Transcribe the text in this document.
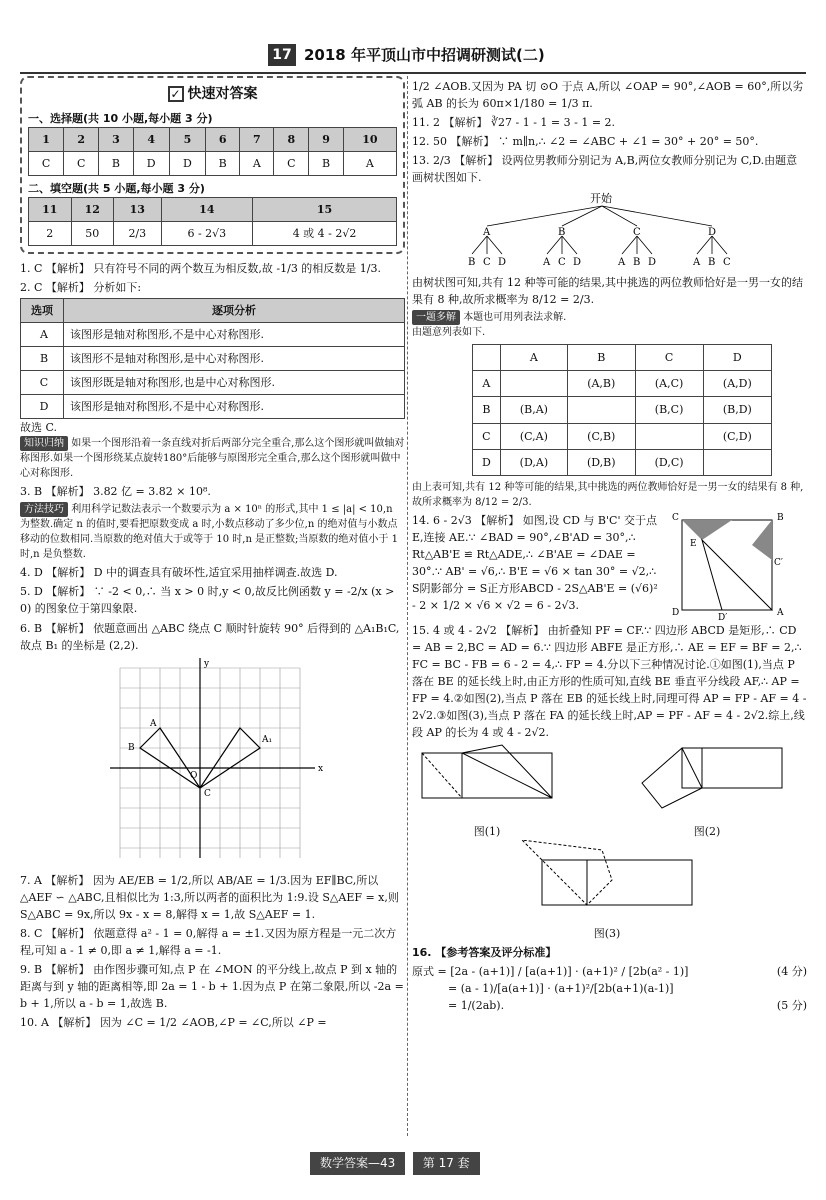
17 2018 年平顶山市中招调研测试(二)
✓ 快速对答案
一、选择题(共 10 小题,每小题 3 分)
1	2	3	4	5	6	7	8	9	10
C	C	B	D	D	B	A	C	B	A
二、填空题(共 5 小题,每小题 3 分)
11	12	13	14	15
2	50	2/3	6 - 2√3	4 或 4 - 2√2
1. C 【解析】 只有符号不同的两个数互为相反数,故 -1/3 的相反数是 1/3.
2. C 【解析】 分析如下:
选项	逐项分析
A	该图形是轴对称图形,不是中心对称图形.
B	该图形不是轴对称图形,是中心对称图形.
C	该图形既是轴对称图形,也是中心对称图形.
D	该图形是轴对称图形,不是中心对称图形.
故选 C.
知识归纳 如果一个图形沿着一条直线对折后两部分完全重合,那么这个图形就叫做轴对称图形.如果一个图形绕某点旋转180°后能够与原图形完全重合,那么这个图形就叫做中心对称图形.
3. B 【解析】 3.82 亿 = 3.82 × 10⁸.
方法技巧 利用科学记数法表示一个数要示为 a × 10ⁿ 的形式,其中 1 ≤ |a| < 10,n 为整数.确定 n 的值时,要看把原数变成 a 时,小数点移动了多少位,n 的绝对值与小数点移动的位数相同.当原数的绝对值大于或等于 10 时,n 是正整数;当原数的绝对值小于 1 时,n 是负整数.
4. D 【解析】 D 中的调查具有破坏性,适宜采用抽样调查.故选 D.
5. D 【解析】 ∵ -2 < 0,∴ 当 x > 0 时,y < 0,故反比例函数 y = -2/x (x > 0) 的图象位于第四象限.
6. B 【解析】 依题意画出 △ABC 绕点 C 顺时针旋转 90° 后得到的 △A₁B₁C,故点 B₁ 的坐标是 (2,2).
x
y
A
B
A₁
C
O
7. A 【解析】 因为 AE/EB = 1/2,所以 AB/AE = 1/3.因为 EF∥BC,所以 △AEF ∽ △ABC,且相似比为 1:3,所以两者的面积比为 1:9.设 S△AEF = x,则 S△ABC = 9x,所以 9x - x = 8,解得 x = 1,故 S△AEF = 1.
8. C 【解析】 依题意得 a² - 1 = 0,解得 a = ±1.又因为原方程是一元二次方程,可知 a - 1 ≠ 0,即 a ≠ 1,解得 a = -1.
9. B 【解析】 由作图步骤可知,点 P 在 ∠MON 的平分线上,故点 P 到 x 轴的距离与到 y 轴的距离相等,即 2a = 1 - b + 1.因为点 P 在第二象限,所以 -2a = b + 1,所以 a - b = 1,故选 B.
10. A 【解析】 因为 ∠C = 1/2 ∠AOB,∠P = ∠C,所以 ∠P =
1/2 ∠AOB.又因为 PA 切 ⊙O 于点 A,所以 ∠OAP = 90°,∠AOB = 60°,所以劣弧 AB 的长为 60π×1/180 = 1/3 π.
11. 2 【解析】 ∛27 - 1 - 1 = 3 - 1 = 2.
12. 50 【解析】 ∵ m∥n,∴ ∠2 = ∠ABC + ∠1 = 30° + 20° = 50°.
13. 2/3 【解析】 设两位男教师分别记为 A,B,两位女教师分别记为 C,D.由题意画树状图如下.
开始
A	B	C	D
B C D	A C D	A B D	A B C
由树状图可知,共有 12 种等可能的结果,其中挑选的两位教师恰好是一男一女的结果有 8 种,故所求概率为 8/12 = 2/3.
一题多解 本题也可用列表法求解.
由题意列表如下.
	A	B	C	D
A		(A,B)	(A,C)	(A,D)
B	(B,A)		(B,C)	(B,D)
C	(C,A)	(C,B)		(C,D)
D	(D,A)	(D,B)	(D,C)	
由上表可知,共有 12 种等可能的结果,其中挑选的两位教师恰好是一男一女的结果有 8 种,故所求概率为 8/12 = 2/3.
14. 6 - 2√3 【解析】 如图,设 CD 与 B'C' 交于点 E,连接 AE.∵ ∠BAD = 90°,∠B'AD = 30°,∴ Rt△AB'E ≌ Rt△ADE,∴ ∠B'AE = ∠DAE = 30°.∵ AB' = √6,∴ B'E = √6 × tan 30° = √2,∴ S阴影部分 = S正方形ABCD - 2S△AB'E = (√6)² - 2 × 1/2 × √6 × √2 = 6 - 2√3.
C	B
D	A
E
D′
C′
15. 4 或 4 - 2√2 【解析】 由折叠知 PF = CF.∵ 四边形 ABCD 是矩形,∴ CD = AB = 2,BC = AD = 6.∵ 四边形 ABFE 是正方形,∴ AE = EF = BF = 2,∴ FC = BC - FB = 6 - 2 = 4,∴ FP = 4.分以下三种情况讨论.①如图(1),当点 P 落在 BE 的延长线上时,由正方形的性质可知,直线 BE 垂直平分线段 AF,∴ AP = FP = 4.②如图(2),当点 P 落在 EB 的延长线上时,同理可得 AP = FP - AF = 4 - 2√2.③如图(3),当点 P 落在 FA 的延长线上时,AP = PF - AF = 4 - 2√2.综上,线段 AP 的长为 4 或 4 - 2√2.
图(1)	图(2)
图(3)
16. 【参考答案及评分标准】
原式 = [2a - (a+1)] / [a(a+1)] · (a+1)² / [2b(a² - 1)]	(4 分)
= (a - 1)/[a(a+1)] · (a+1)²/[2b(a+1)(a-1)]
= 1/(2ab).	(5 分)
数学答案—43 第 17 套
